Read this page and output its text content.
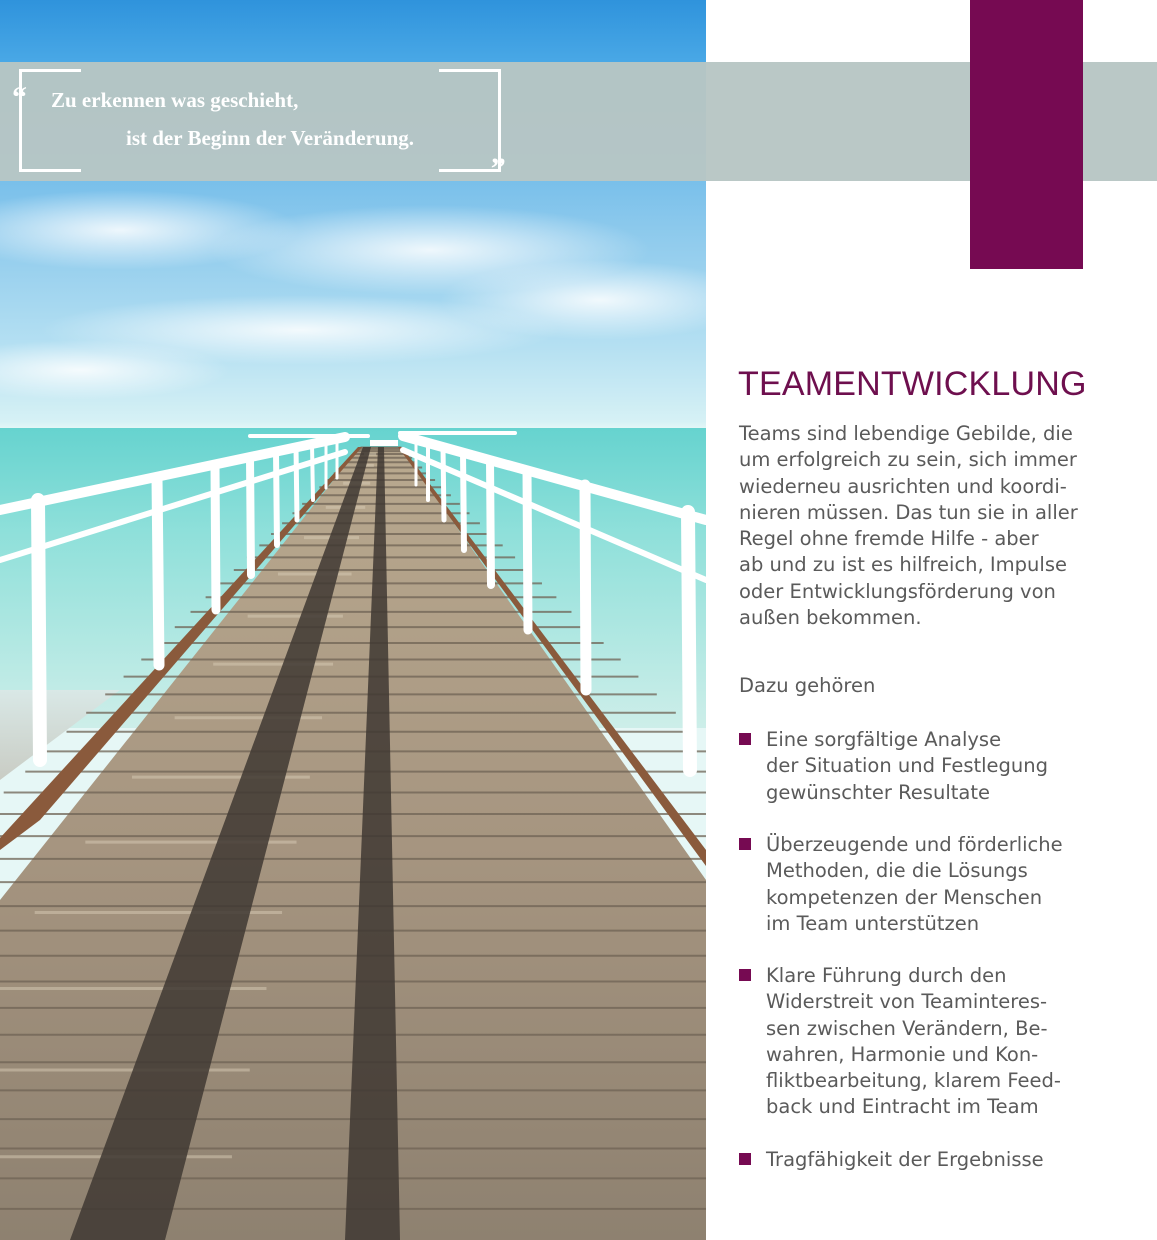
“ Zu erkennen was geschieht,
ist der Beginn der Veränderung.	„
TEAMENTWICKLUNG

Teams sind lebendige Gebilde, die
um erfolgreich zu sein, sich immer
wiederneu ausrichten und koordi-
nieren müssen. Das tun sie in aller
Regel ohne fremde Hilfe - aber
ab und zu ist es hilfreich, Impulse
oder Entwicklungsförderung von
außen bekommen.

Dazu gehören
Eine sorgfältige Analyse
der Situation und Festlegung
gewünschter Resultate
Überzeugende und förderliche
Methoden, die die Lösungs
kompetenzen der Menschen
im Team unterstützen
Klare Führung durch den
Widerstreit von Teaminteres-
sen zwischen Verändern, Be-
wahren, Harmonie und Kon-
fliktbearbeitung, klarem Feed-
back und Eintracht im Team
Tragfähigkeit der Ergebnisse
